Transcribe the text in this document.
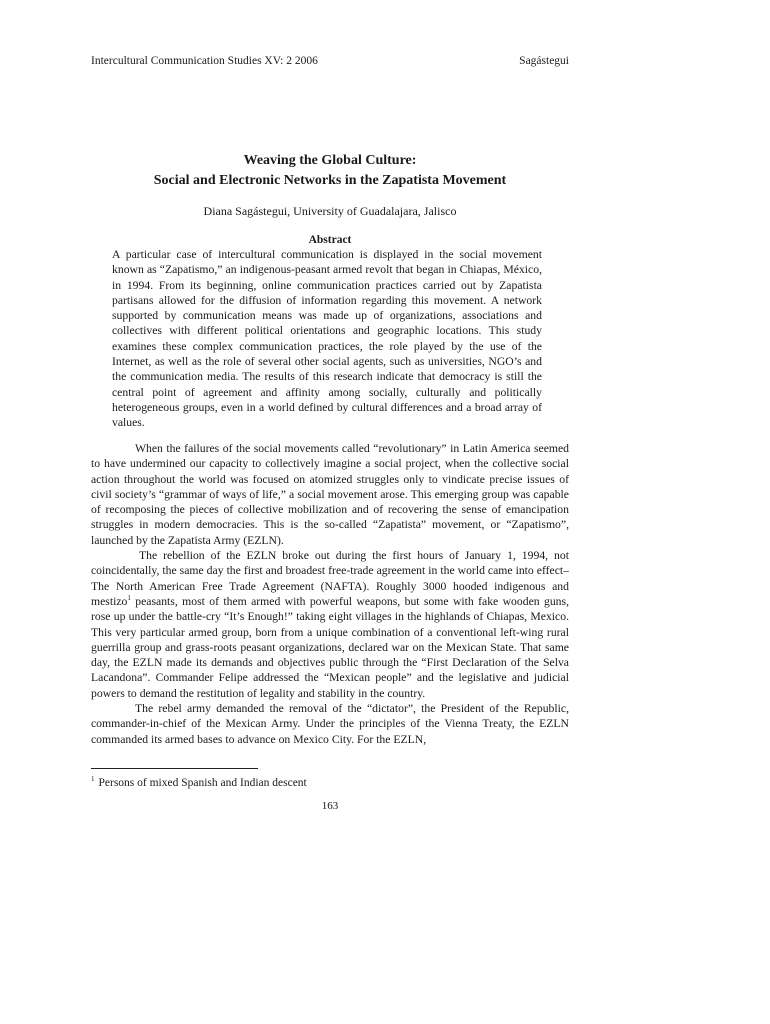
Intercultural Communication Studies XV: 2 2006	Sagástegui
Weaving the Global Culture:
Social and Electronic Networks in the Zapatista Movement
Diana Sagástegui, University of Guadalajara, Jalisco
Abstract
A particular case of intercultural communication is displayed in the social movement known as “Zapatismo,” an indigenous-peasant armed revolt that began in Chiapas, México, in 1994. From its beginning, online communication practices carried out by Zapatista partisans allowed for the diffusion of information regarding this movement. A network supported by communication means was made up of organizations, associations and collectives with different political orientations and geographic locations. This study examines these complex communication practices, the role played by the use of the Internet, as well as the role of several other social agents, such as universities, NGO’s and the communication media. The results of this research indicate that democracy is still the central point of agreement and affinity among socially, culturally and politically heterogeneous groups, even in a world defined by cultural differences and a broad array of values.

When the failures of the social movements called “revolutionary” in Latin America seemed to have undermined our capacity to collectively imagine a social project, when the collective social action throughout the world was focused on atomized struggles only to vindicate precise issues of civil society’s “grammar of ways of life,” a social movement arose. This emerging group was capable of recomposing the pieces of collective mobilization and of recovering the sense of emancipation struggles in modern democracies. This is the so-called “Zapatista” movement, or “Zapatismo”, launched by the Zapatista Army (EZLN).

The rebellion of the EZLN broke out during the first hours of January 1, 1994, not coincidentally, the same day the first and broadest free-trade agreement in the world came into effect–The North American Free Trade Agreement (NAFTA). Roughly 3000 hooded indigenous and mestizo$^1$ peasants, most of them armed with powerful weapons, but some with fake wooden guns, rose up under the battle-cry “It’s Enough!” taking eight villages in the highlands of Chiapas, Mexico. This very particular armed group, born from a unique combination of a conventional left-wing rural guerrilla group and grass-roots peasant organizations, declared war on the Mexican State. That same day, the EZLN made its demands and objectives public through the “First Declaration of the Selva Lacandona”. Commander Felipe addressed the “Mexican people” and the legislative and judicial powers to demand the restitution of legality and stability in the country.

The rebel army demanded the removal of the “dictator”, the President of the Republic, commander-in-chief of the Mexican Army. Under the principles of the Vienna Treaty, the EZLN commanded its armed bases to advance on Mexico City. For the EZLN,

$^1$ Persons of mixed Spanish and Indian descent
163
